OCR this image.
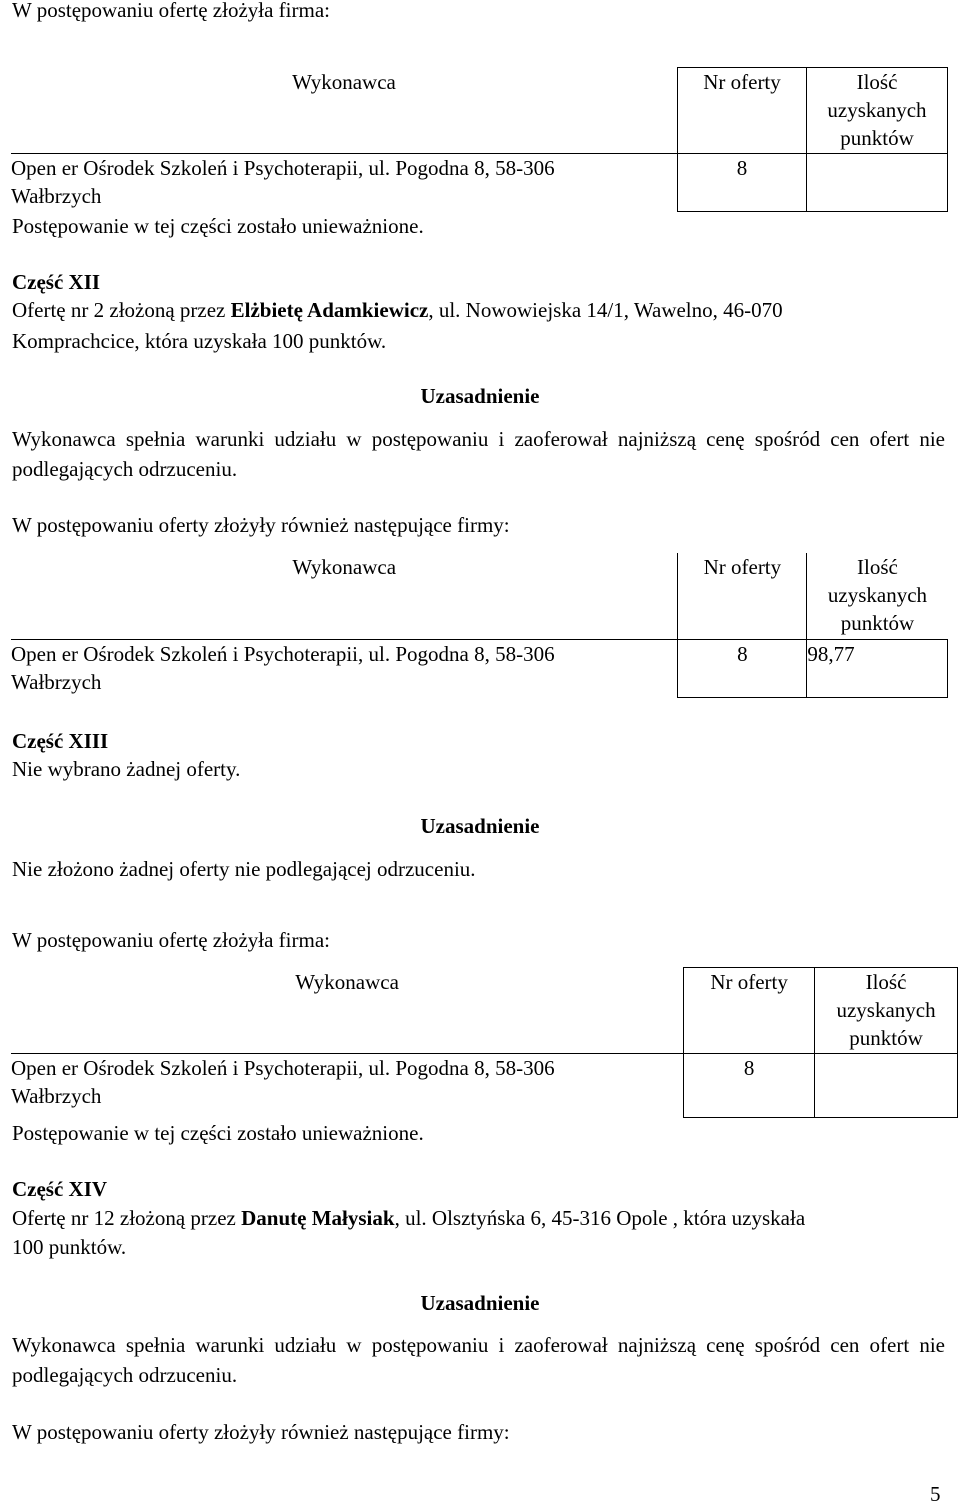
W postępowaniu ofertę złożyła firma:
Wykonawca	Nr oferty	Ilość uzyskanych punktów
Open er Ośrodek Szkoleń i Psychoterapii, ul. Pogodna 8, 58-306
Wałbrzych	8	
Postępowanie w tej części zostało unieważnione.
Część XII
Ofertę nr 2 złożoną przez Elżbietę Adamkiewicz, ul. Nowowiejska 14/1, Wawelno, 46-070
Komprachcice, która uzyskała 100 punktów.
Uzasadnienie
Wykonawca spełnia warunki udziału w postępowaniu i zaoferował najniższą cenę spośród cen ofert nie podlegających odrzuceniu.
W postępowaniu oferty złożyły również następujące firmy:
Wykonawca	Nr oferty	Ilość uzyskanych punktów
Open er Ośrodek Szkoleń i Psychoterapii, ul. Pogodna 8, 58-306
Wałbrzych	8	98,77
Część XIII
Nie wybrano żadnej oferty.
Uzasadnienie
Nie złożono żadnej oferty nie podlegającej odrzuceniu.
W postępowaniu ofertę złożyła firma:
Wykonawca	Nr oferty	Ilość uzyskanych punktów
Open er Ośrodek Szkoleń i Psychoterapii, ul. Pogodna 8, 58-306
Wałbrzych	8	
Postępowanie w tej części zostało unieważnione.
Część XIV
Ofertę nr 12 złożoną przez Danutę Małysiak, ul. Olsztyńska 6, 45-316 Opole , która uzyskała
100 punktów.
Uzasadnienie
Wykonawca spełnia warunki udziału w postępowaniu i zaoferował najniższą cenę spośród cen ofert nie podlegających odrzuceniu.
W postępowaniu oferty złożyły również następujące firmy:
5
